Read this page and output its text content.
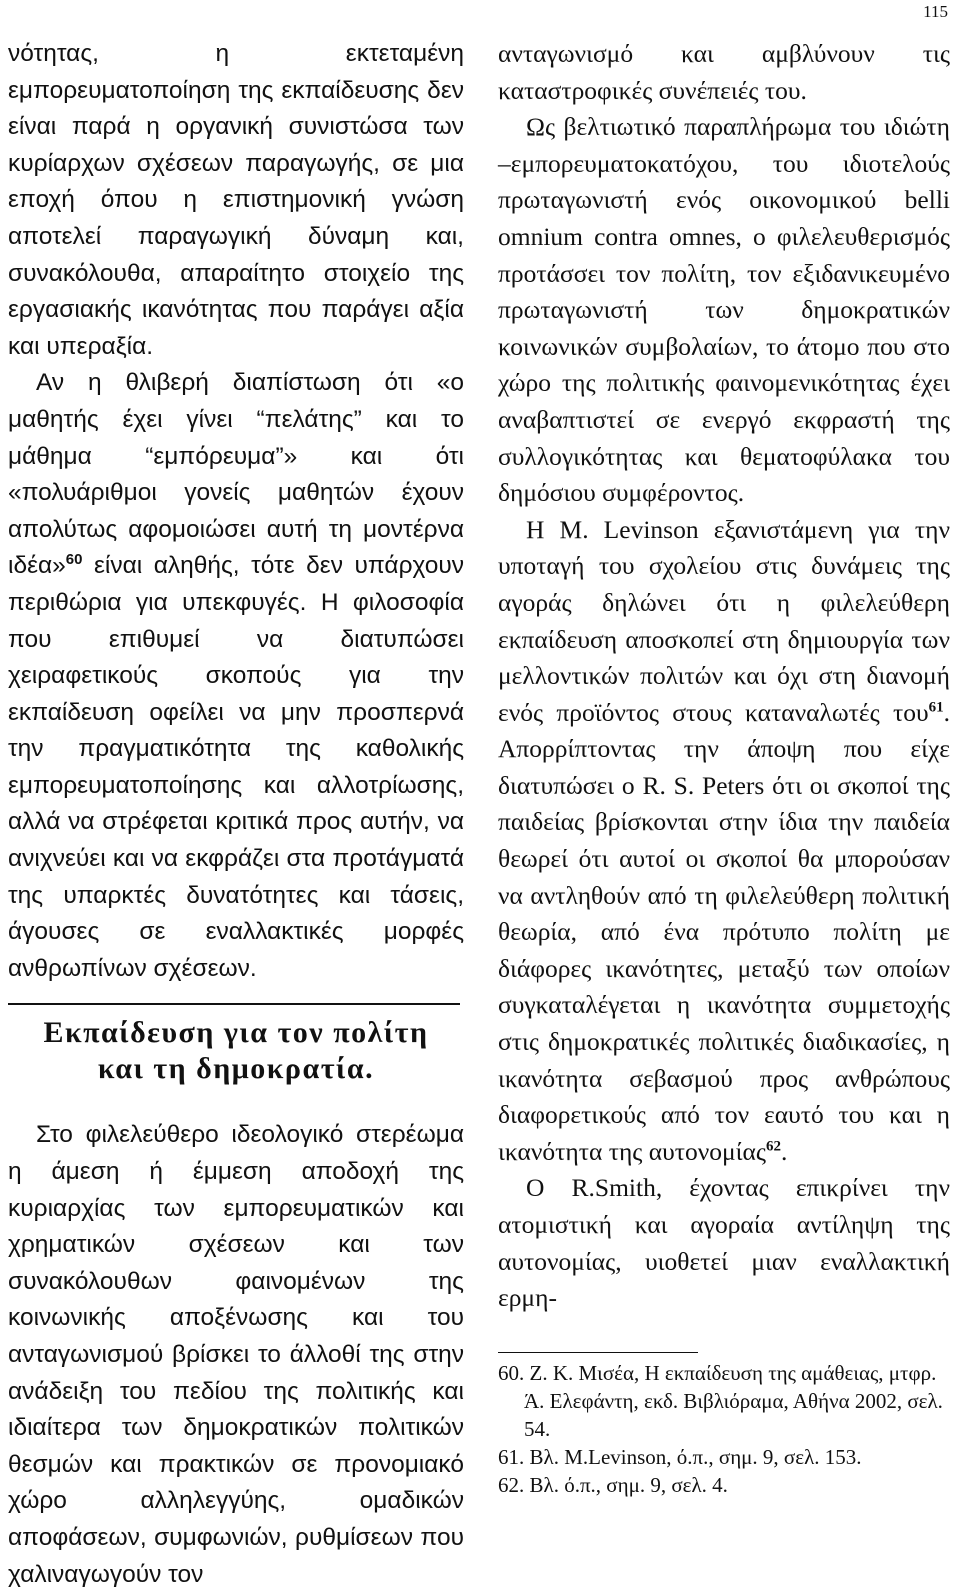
115

νότητας, η εκτεταμένη εμπορευματοποίηση της εκπαίδευσης δεν είναι παρά η οργανική συνιστώσα των κυρίαρχων σχέσεων παραγωγής, σε μια εποχή όπου η επιστημονική γνώση αποτελεί παραγωγική δύναμη και, συνακόλουθα, απαραίτητο στοιχείο της εργασιακής ικανότητας που παράγει αξία και υπεραξία.

Αν η θλιβερή διαπίστωση ότι «ο μαθητής έχει γίνει “πελάτης” και το μάθημα “εμπόρευμα”» και ότι «πολυάριθμοι γονείς μαθητών έχουν απολύτως αφομοιώσει αυτή τη μοντέρνα ιδέα»$^{60}$ είναι αληθής, τότε δεν υπάρχουν περιθώρια για υπεκφυγές. Η φιλοσοφία που επιθυμεί να διατυπώσει χειραφετικούς σκοπούς για την εκπαίδευση οφείλει να μην προσπερνά την πραγματικότητα της καθολικής εμπορευματοποίησης και αλλοτρίωσης, αλλά να στρέφεται κριτικά προς αυτήν, να ανιχνεύει και να εκφράζει στα προτάγματά της υπαρκτές δυνατότητες και τάσεις, άγουσες σε εναλλακτικές μορφές ανθρωπίνων σχέσεων.

Εκπαίδευση για τον πολίτη
και τη δημοκρατία.

Στο φιλελεύθερο ιδεολογικό στερέωμα η άμεση ή έμμεση αποδοχή της κυριαρχίας των εμπορευματικών και χρηματικών σχέσεων και των συνακόλουθων φαινομένων της κοινωνικής αποξένωσης και του ανταγωνισμού βρίσκει το άλλοθί της στην ανάδειξη του πεδίου της πολιτικής και ιδιαίτερα των δημοκρατικών πολιτικών θεσμών και πρακτικών σε προνομιακό χώρο αλληλεγγύης, ομαδικών αποφάσεων, συμφωνιών, ρυθμίσεων που χαλιναγωγούν τον

ανταγωνισμό και αμβλύνουν τις καταστροφικές συνέπειές του.

Ως βελτιωτικό παραπλήρωμα του ιδιώτη –εμπορευματοκατόχου, του ιδιοτελούς πρωταγωνιστή ενός οικονομικού belli omnium contra omnes, ο φιλελευθερισμός προτάσσει τον πολίτη, τον εξιδανικευμένο πρωταγωνιστή των δημοκρατικών κοινωνικών συμβολαίων, το άτομο που στο χώρο της πολιτικής φαινομενικότητας έχει αναβαπτιστεί σε ενεργό εκφραστή της συλλογικότητας και θεματοφύλακα του δημόσιου συμφέροντος.

Η Μ. Levinson εξανιστάμενη για την υποταγή του σχολείου στις δυνάμεις της αγοράς δηλώνει ότι η φιλελεύθερη εκπαίδευση αποσκοπεί στη δημιουργία των μελλοντικών πολιτών και όχι στη διανομή ενός προϊόντος στους καταναλωτές του$^{61}$. Απορρίπτοντας την άποψη που είχε διατυπώσει ο R. S. Peters ότι οι σκοποί της παιδείας βρίσκονται στην ίδια την παιδεία θεωρεί ότι αυτοί οι σκοποί θα μπορούσαν να αντληθούν από τη φιλελεύθερη πολιτική θεωρία, από ένα πρότυπο πολίτη με διάφορες ικανότητες, μεταξύ των οποίων συγκαταλέγεται η ικανότητα συμμετοχής στις δημοκρατικές πολιτικές διαδικασίες, η ικανότητα σεβασμού προς ανθρώπους διαφορετικούς από τον εαυτό του και η ικανότητα της αυτονομίας$^{62}$.

Ο R.Smith, έχοντας επικρίνει την ατομιστική και αγοραία αντίληψη της αυτονομίας, υιοθετεί μιαν εναλλακτική ερμη-

60. Ζ. Κ. Μισέα, Η εκπαίδευση της αμάθειας, μτφρ. Ά. Ελεφάντη, εκδ. Βιβλιόραμα, Αθήνα 2002, σελ. 54.

61. Βλ. M.Levinson, ό.π., σημ. 9, σελ. 153.

62. Βλ. ό.π., σημ. 9, σελ. 4.
